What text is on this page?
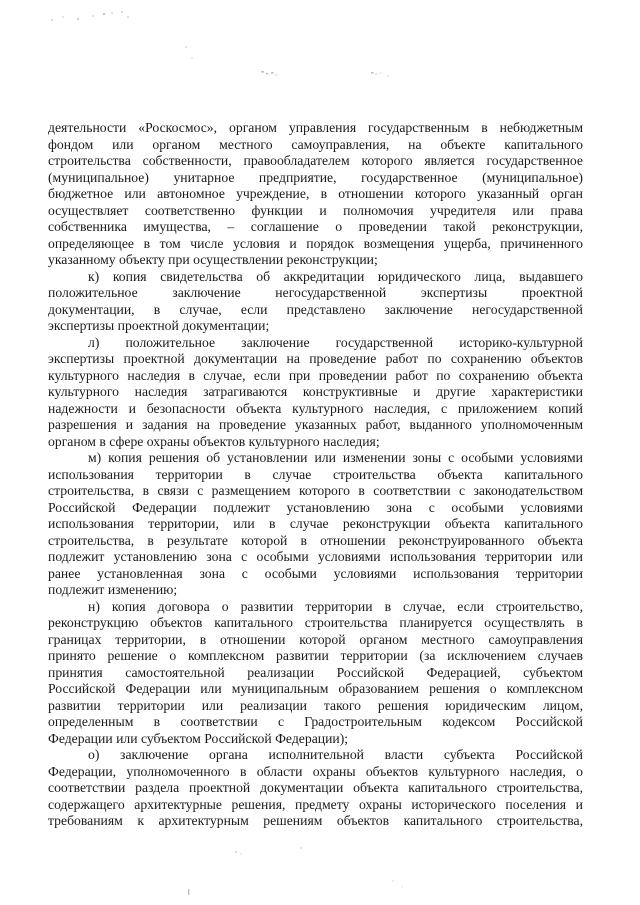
деятельности «Роскосмос», органом управления государственным в небюджетным
фондом или органом местного самоуправления, на объекте капитального
строительства собственности, правообладателем которого является государственное
(муниципальное) унитарное предприятие, государственное (муниципальное)
бюджетное или автономное учреждение, в отношении которого указанный орган
осуществляет соответственно функции и полномочия учредителя или права
собственника имущества, – соглашение о проведении такой реконструкции,
определяющее в том числе условия и порядок возмещения ущерба, причиненного
указанному объекту при осуществлении реконструкции;
к) копия свидетельства об аккредитации юридического лица, выдавшего
положительное заключение негосударственной экспертизы проектной
документации, в случае, если представлено заключение негосударственной
экспертизы проектной документации;
л) положительное заключение государственной историко-культурной
экспертизы проектной документации на проведение работ по сохранению объектов
культурного наследия в случае, если при проведении работ по сохранению объекта
культурного наследия затрагиваются конструктивные и другие характеристики
надежности и безопасности объекта культурного наследия, с приложением копий
разрешения и задания на проведение указанных работ, выданного уполномоченным
органом в сфере охраны объектов культурного наследия;
м) копия решения об установлении или изменении зоны с особыми условиями
использования территории в случае строительства объекта капитального
строительства, в связи с размещением которого в соответствии с законодательством
Российской Федерации подлежит установлению зона с особыми условиями
использования территории, или в случае реконструкции объекта капитального
строительства, в результате которой в отношении реконструированного объекта
подлежит установлению зона с особыми условиями использования территории или
ранее установленная зона с особыми условиями использования территории
подлежит изменению;
н) копия договора о развитии территории в случае, если строительство,
реконструкцию объектов капитального строительства планируется осуществлять в
границах территории, в отношении которой органом местного самоуправления
принято решение о комплексном развитии территории (за исключением случаев
принятия самостоятельной реализации Российской Федерацией, субъектом
Российской Федерации или муниципальным образованием решения о комплексном
развитии территории или реализации такого решения юридическим лицом,
определенным в соответствии с Градостроительным кодексом Российской
Федерации или субъектом Российской Федерации);
о) заключение органа исполнительной власти субъекта Российской
Федерации, уполномоченного в области охраны объектов культурного наследия, о
соответствии раздела проектной документации объекта капитального строительства,
содержащего архитектурные решения, предмету охраны исторического поселения и
требованиям к архитектурным решениям объектов капитального строительства,
